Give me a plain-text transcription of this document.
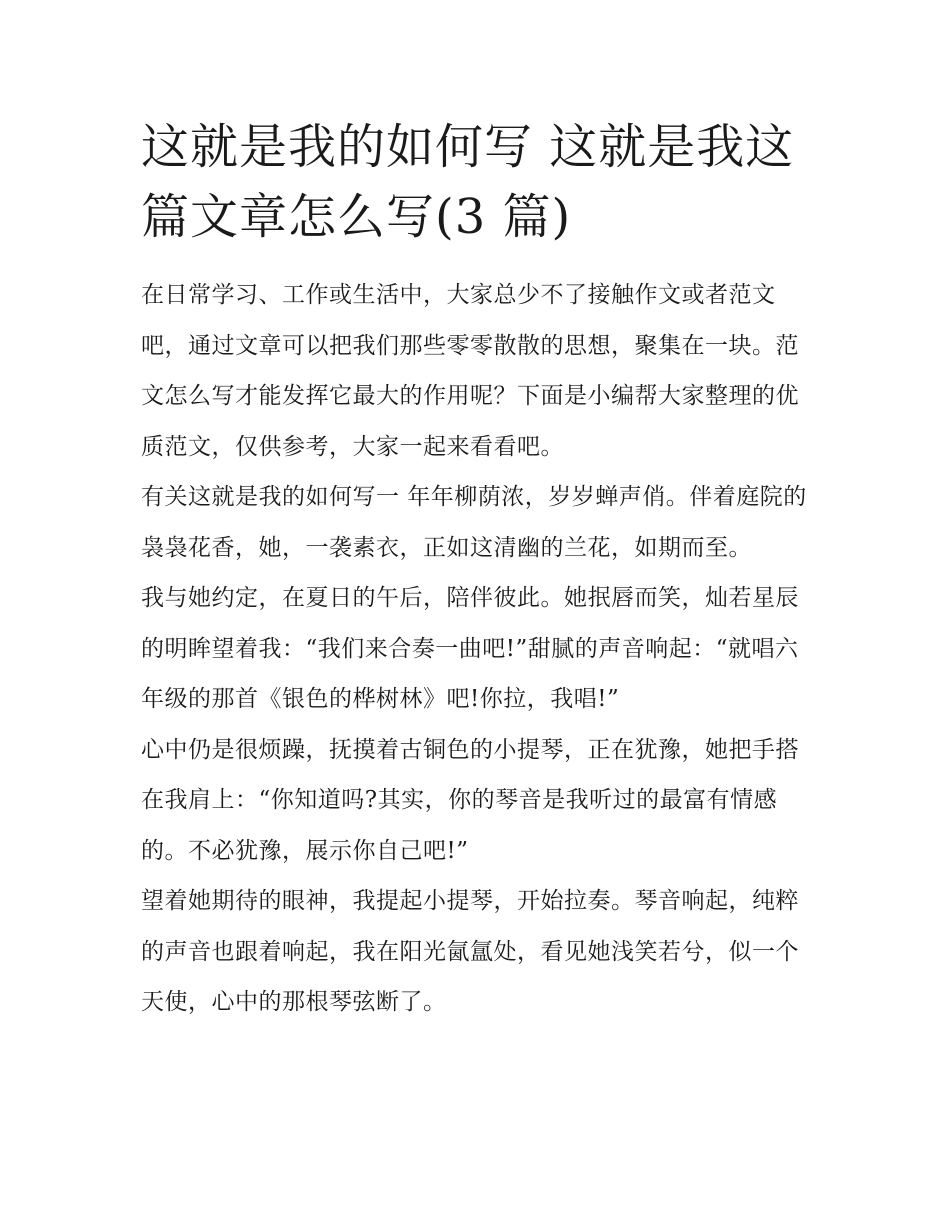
这就是我的如何写 这就是我这篇文章怎么写(3 篇)

在日常学习、工作或生活中，大家总少不了接触作文或者范文吧，通过文章可以把我们那些零零散散的思想，聚集在一块。范文怎么写才能发挥它最大的作用呢？下面是小编帮大家整理的优质范文，仅供参考，大家一起来看看吧。

有关这就是我的如何写一 年年柳荫浓，岁岁蝉声俏。伴着庭院的袅袅花香，她，一袭素衣，正如这清幽的兰花，如期而至。

我与她约定，在夏日的午后，陪伴彼此。她抿唇而笑，灿若星辰的明眸望着我：“我们来合奏一曲吧!”甜腻的声音响起：“就唱六年级的那首《银色的桦树林》吧!你拉，我唱!”

心中仍是很烦躁，抚摸着古铜色的小提琴，正在犹豫，她把手搭在我肩上：“你知道吗?其实，你的琴音是我听过的最富有情感的。不必犹豫，展示你自己吧!”

望着她期待的眼神，我提起小提琴，开始拉奏。琴音响起，纯粹的声音也跟着响起，我在阳光氤氲处，看见她浅笑若兮，似一个天使，心中的那根琴弦断了。
